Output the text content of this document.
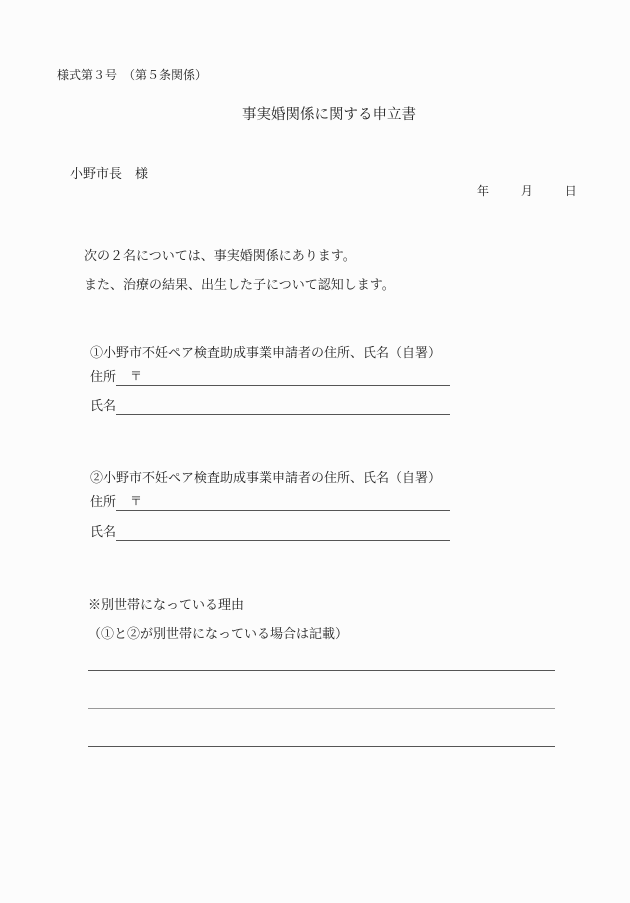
様式第３号　（第５条関係）
事実婚関係に関する申立書
小野市長　様
年	月	日
次の２名については、事実婚関係にあります。
また、治療の結果、出生した子について認知します。
①小野市不妊ペア検査助成事業申請者の住所、氏名（自署）
住所 〒
氏名
②小野市不妊ペア検査助成事業申請者の住所、氏名（自署）
住所 〒
氏名
※別世帯になっている理由
（①と②が別世帯になっている場合は記載）
